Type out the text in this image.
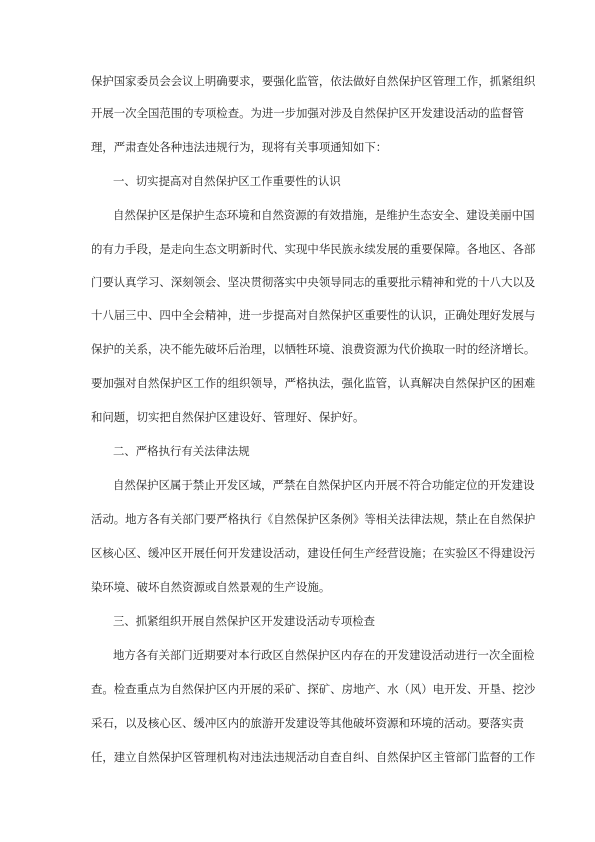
保护国家委员会会议上明确要求，要强化监管，依法做好自然保护区管理工作，抓紧组织
开展一次全国范围的专项检查。为进一步加强对涉及自然保护区开发建设活动的监督管
理，严肃查处各种违法违规行为，现将有关事项通知如下：
一、切实提高对自然保护区工作重要性的认识
自然保护区是保护生态环境和自然资源的有效措施，是维护生态安全、建设美丽中国
的有力手段，是走向生态文明新时代、实现中华民族永续发展的重要保障。各地区、各部
门要认真学习、深刻领会、坚决贯彻落实中央领导同志的重要批示精神和党的十八大以及
十八届三中、四中全会精神，进一步提高对自然保护区重要性的认识，正确处理好发展与
保护的关系，决不能先破坏后治理，以牺牲环境、浪费资源为代价换取一时的经济增长。
要加强对自然保护区工作的组织领导，严格执法，强化监管，认真解决自然保护区的困难
和问题，切实把自然保护区建设好、管理好、保护好。
二、严格执行有关法律法规
自然保护区属于禁止开发区域，严禁在自然保护区内开展不符合功能定位的开发建设
活动。地方各有关部门要严格执行《自然保护区条例》等相关法律法规，禁止在自然保护
区核心区、缓冲区开展任何开发建设活动，建设任何生产经营设施；在实验区不得建设污
染环境、破坏自然资源或自然景观的生产设施。
三、抓紧组织开展自然保护区开发建设活动专项检查
地方各有关部门近期要对本行政区自然保护区内存在的开发建设活动进行一次全面检
查。检查重点为自然保护区内开展的采矿、探矿、房地产、水（风）电开发、开垦、挖沙
采石，以及核心区、缓冲区内的旅游开发建设等其他破坏资源和环境的活动。要落实责
任，建立自然保护区管理机构对违法违规活动自查自纠、自然保护区主管部门监督的工作
